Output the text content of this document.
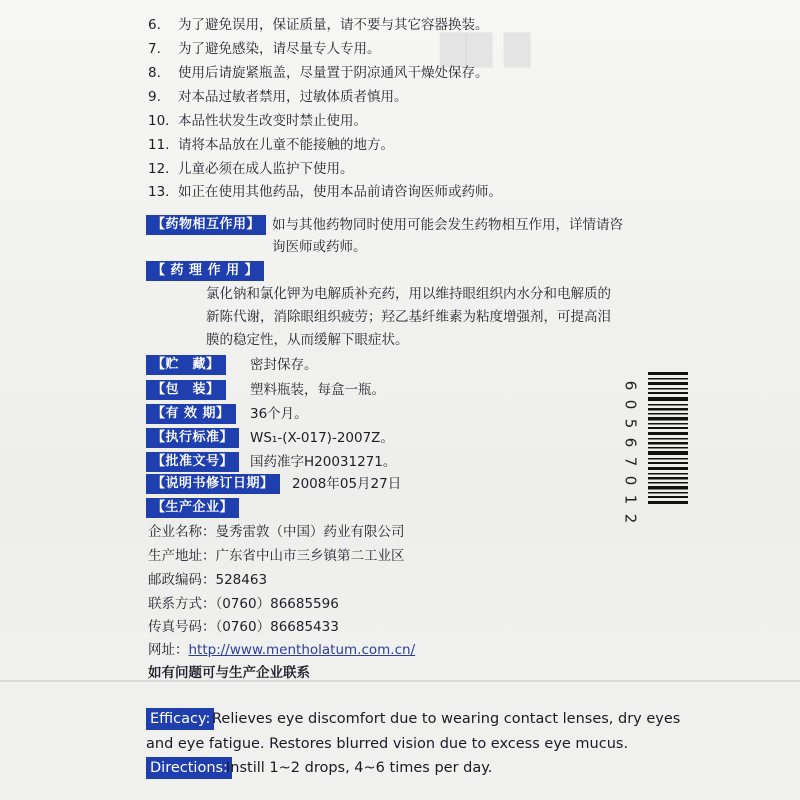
▇▇ ▇
6. 为了避免误用，保证质量，请不要与其它容器换装。
7. 为了避免感染，请尽量专人专用。
8. 使用后请旋紧瓶盖，尽量置于阴凉通风干燥处保存。
9. 对本品过敏者禁用，过敏体质者慎用。
10. 本品性状发生改变时禁止使用。
11. 请将本品放在儿童不能接触的地方。
12. 儿童必须在成人监护下使用。
13. 如正在使用其他药品，使用本品前请咨询医师或药师。
【药物相互作用】 如与其他药物同时使用可能会发生药物相互作用，详情请咨
询医师或药师。
【 药 理 作 用 】
氯化钠和氯化钾为电解质补充药，用以维持眼组织内水分和电解质的
新陈代谢，消除眼组织疲劳；羟乙基纤维素为粘度增强剂，可提高泪
膜的稳定性，从而缓解下眼症状。
【贮　藏】	密封保存。
【包　装】	塑料瓶装，每盒一瓶。
【有 效 期】	36个月。
【执行标准】	WS₁-(X-017)-2007Z。
【批准文号】	国药准字H20031271。
【说明书修订日期】	2008年05月27日
【生产企业】
企业名称：曼秀雷敦（中国）药业有限公司
生产地址：广东省中山市三乡镇第二工业区
邮政编码：528463
联系方式：（0760）86685596
传真号码：（0760）86685433
网址：http://www.mentholatum.com.cn/
如有问题可与生产企业联系
Efficacy: Relieves eye discomfort due to wearing contact lenses, dry eyes
and eye fatigue. Restores blurred vision due to excess eye mucus.
Directions:
Instill 1~2 drops, 4~6 times per day.
6
0
5
6
7
0
1
2
